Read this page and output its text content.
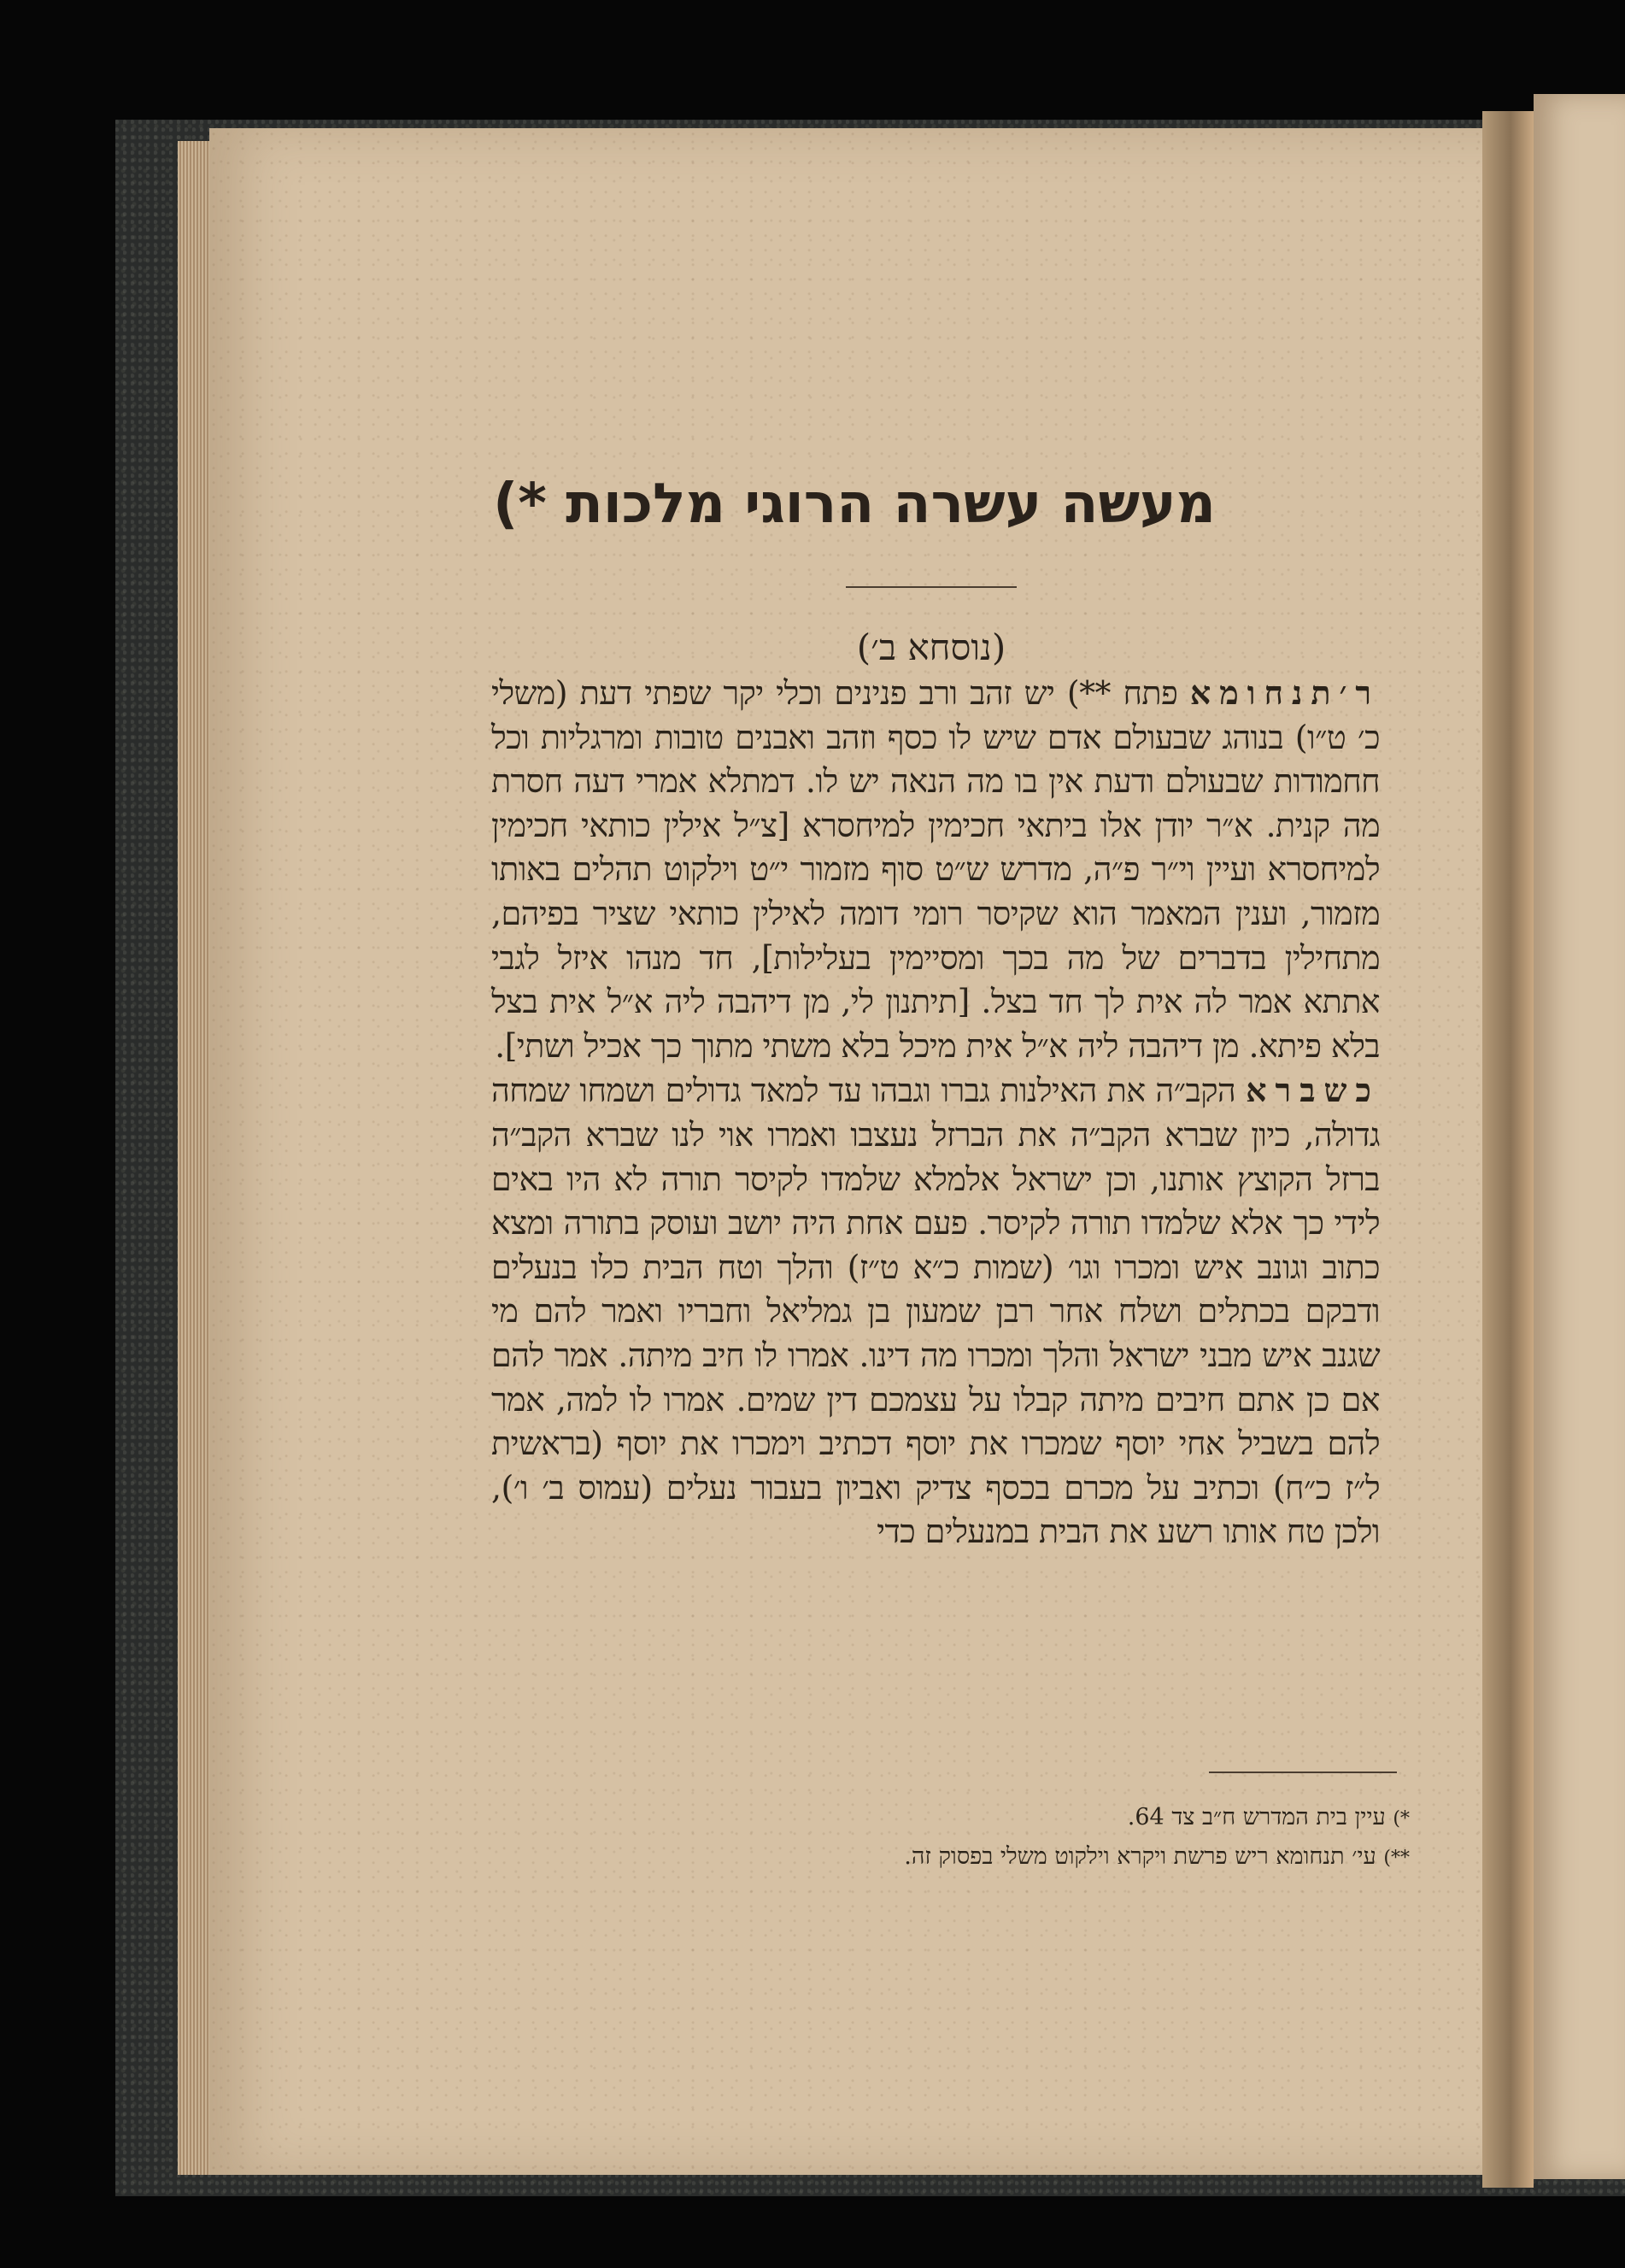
מעשה עשרה הרוגי מלכות *)
(נוסחא ב׳)

ר׳תנחומא פתח **) יש זהב ורב פנינים וכלי יקר שפתי דעת (משלי כ׳ ט״ו) בנוהג שבעולם אדם שיש לו כסף וזהב ואבנים טובות ומרגליות וכל חחמודות שבעולם ודעת אין בו מה הנאה יש לו. דמתלא אמרי דעה חסרת מה קנית. א״ר יודן אלו ביתאי חכימין למיחסרא [צ״ל אילין כותאי חכימין למיחסרא ועיין וי״ר פ״ה, מדרש ש״ט סוף מזמור י״ט וילקוט תהלים באותו מזמור, וענין המאמר הוא שקיסר רומי דומה לאילין כותאי שציר בפיהם, מתחילין בדברים של מה בכך ומסיימין בעלילות], חד מנהו איזל לגבי אתתא אמר לה אית לך חד בצל. [תיתנון לי, מן דיהבה ליה א״ל אית בצל בלא פיתא. מן דיהבה ליה א״ל אית מיכל בלא משתי מתוך כך אכיל ושתי].

כשברא הקב״ה את האילנות גברו וגבהו עד למאד גדולים ושמחו שמחה גדולה, כיון שברא הקב״ה את הברזל נעצבו ואמרו אוי לנו שברא הקב״ה ברזל הקוצץ אותנו, וכן ישראל אלמלא שלמדו לקיסר תורה לא היו באים לידי כך אלא שלמדו תורה לקיסר. פעם אחת היה יושב ועוסק בתורה ומצא כתוב וגונב איש ומכרו וגו׳ (שמות כ״א ט״ז) והלך וטח הבית כלו בנעלים ודבקם בכתלים ושלח אחר רבן שמעון בן גמליאל וחבריו ואמר להם מי שגנב איש מבני ישראל והלך ומכרו מה דינו. אמרו לו חיב מיתה. אמר להם אם כן אתם חיבים מיתה קבלו על עצמכם דין שמים. אמרו לו למה, אמר להם בשביל אחי יוסף שמכרו את יוסף דכתיב וימכרו את יוסף (בראשית ל״ז כ״ח) וכתיב על מכרם בכסף צדיק ואביון בעבור נעלים (עמוס ב׳ ו׳), ולכן טח אותו רשע את הבית במנעלים כדי

*) עיין בית המדרש ח״ב צד 64.
**) עי׳ תנחומא ריש פרשת ויקרא וילקוט משלי בפסוק זה.
